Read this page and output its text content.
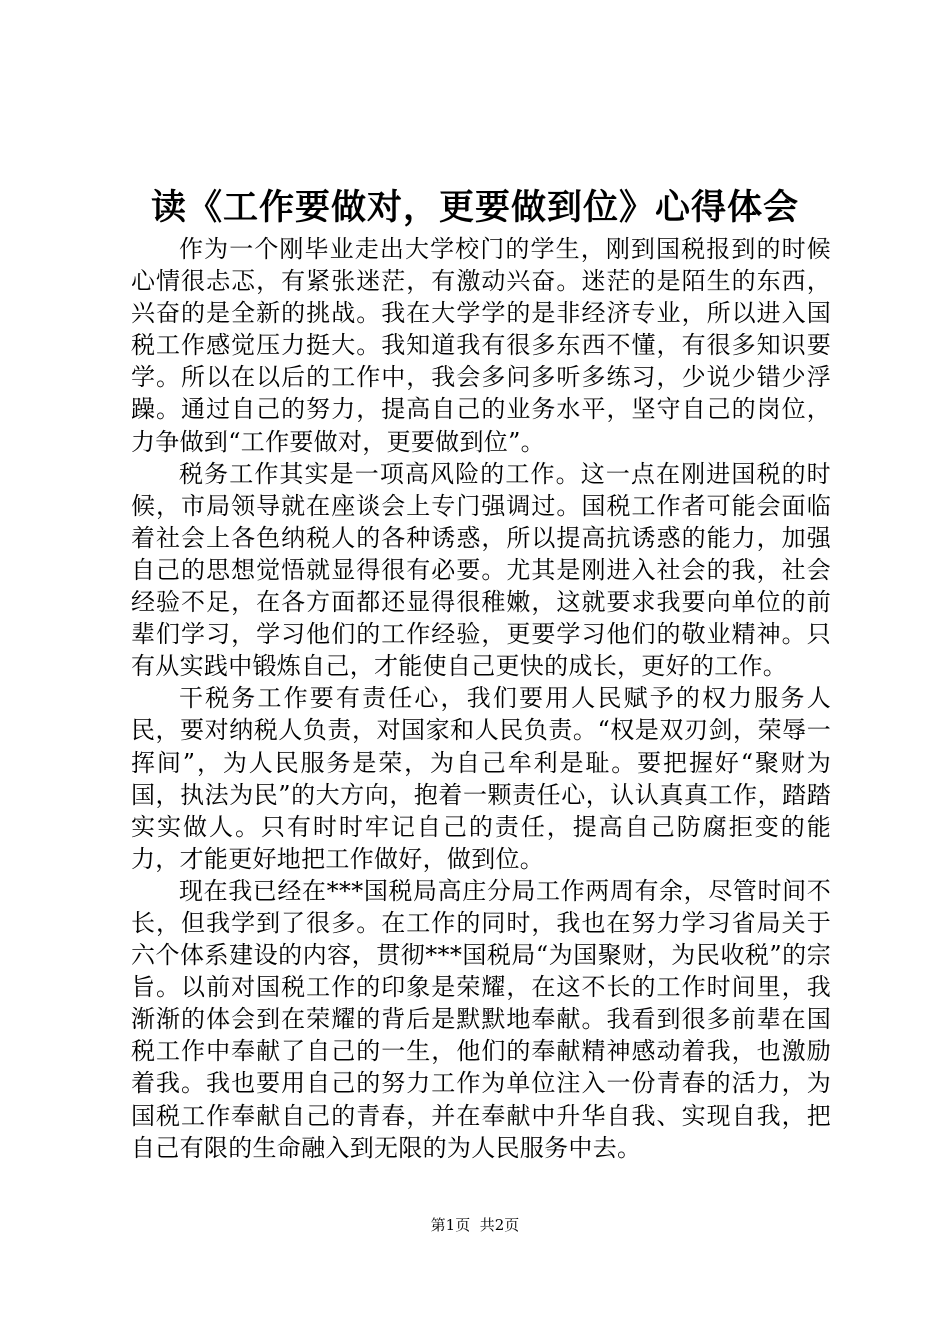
读《工作要做对，更要做到位》心得体会

作为一个刚毕业走出大学校门的学生，刚到国税报到的时候心情很忐忑，有紧张迷茫，有激动兴奋。迷茫的是陌生的东西，兴奋的是全新的挑战。我在大学学的是非经济专业，所以进入国税工作感觉压力挺大。我知道我有很多东西不懂，有很多知识要学。所以在以后的工作中，我会多问多听多练习，少说少错少浮躁。通过自己的努力，提高自己的业务水平，坚守自己的岗位，力争做到“工作要做对，更要做到位”。

税务工作其实是一项高风险的工作。这一点在刚进国税的时候，市局领导就在座谈会上专门强调过。国税工作者可能会面临着社会上各色纳税人的各种诱惑，所以提高抗诱惑的能力，加强自己的思想觉悟就显得很有必要。尤其是刚进入社会的我，社会经验不足，在各方面都还显得很稚嫩，这就要求我要向单位的前辈们学习，学习他们的工作经验，更要学习他们的敬业精神。只有从实践中锻炼自己，才能使自己更快的成长，更好的工作。

干税务工作要有责任心，我们要用人民赋予的权力服务人民，要对纳税人负责，对国家和人民负责。“权是双刃剑，荣辱一挥间”，为人民服务是荣，为自己牟利是耻。要把握好“聚财为国，执法为民”的大方向，抱着一颗责任心，认认真真工作，踏踏实实做人。只有时时牢记自己的责任，提高自己防腐拒变的能力，才能更好地把工作做好，做到位。

现在我已经在***国税局高庄分局工作两周有余，尽管时间不长，但我学到了很多。在工作的同时，我也在努力学习省局关于六个体系建设的内容，贯彻***国税局“为国聚财，为民收税”的宗旨。以前对国税工作的印象是荣耀，在这不长的工作时间里，我渐渐的体会到在荣耀的背后是默默地奉献。我看到很多前辈在国税工作中奉献了自己的一生，他们的奉献精神感动着我，也激励着我。我也要用自己的努力工作为单位注入一份青春的活力，为国税工作奉献自己的青春，并在奉献中升华自我、实现自我，把自己有限的生命融入到无限的为人民服务中去。

第1页 共2页
